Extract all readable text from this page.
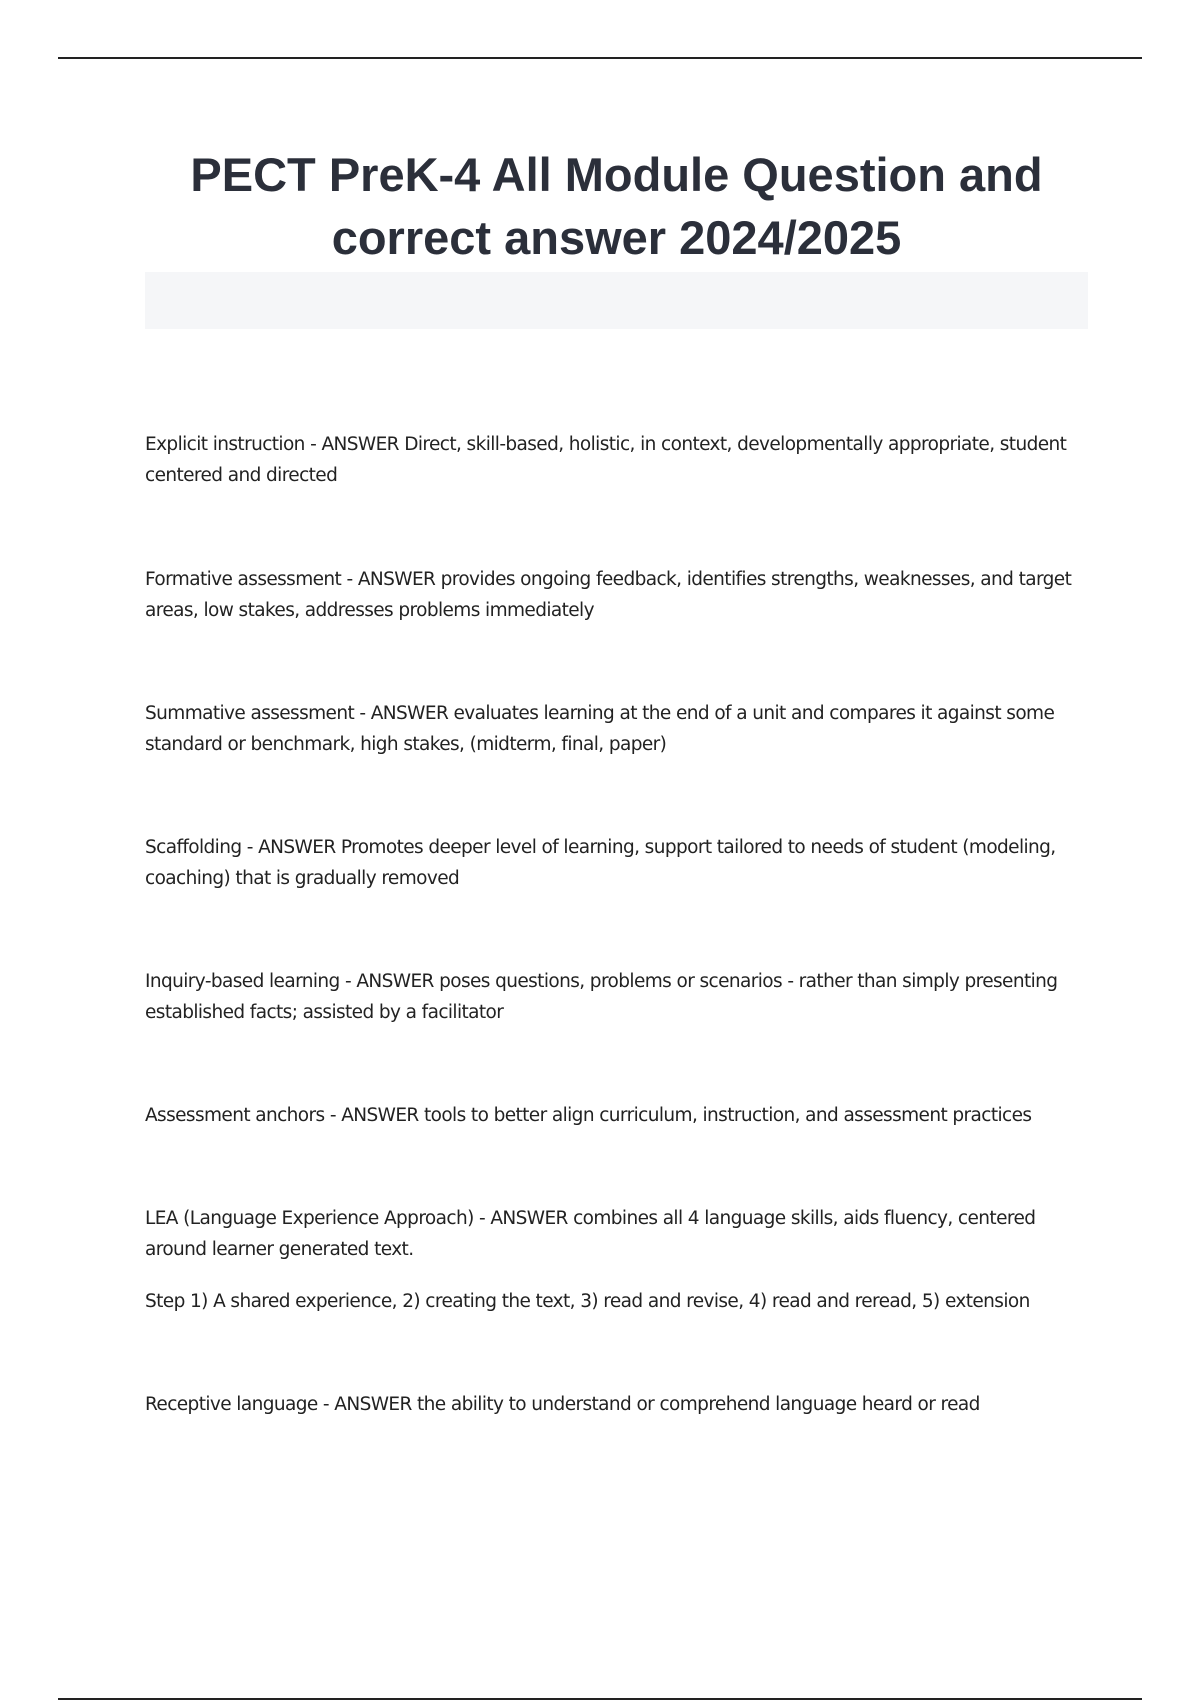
PECT PreK-4 All Module Question and correct answer 2024/2025

Explicit instruction - ANSWER Direct, skill-based, holistic, in context, developmentally appropriate, student centered and directed

Formative assessment - ANSWER provides ongoing feedback, identifies strengths, weaknesses, and target areas, low stakes, addresses problems immediately

Summative assessment - ANSWER evaluates learning at the end of a unit and compares it against some standard or benchmark, high stakes, (midterm, final, paper)

Scaffolding - ANSWER Promotes deeper level of learning, support tailored to needs of student (modeling, coaching) that is gradually removed

Inquiry-based learning - ANSWER poses questions, problems or scenarios - rather than simply presenting established facts; assisted by a facilitator

Assessment anchors - ANSWER tools to better align curriculum, instruction, and assessment practices

LEA (Language Experience Approach) - ANSWER combines all 4 language skills, aids fluency, centered around learner generated text.

Step 1) A shared experience, 2) creating the text, 3) read and revise, 4) read and reread, 5) extension

Receptive language - ANSWER the ability to understand or comprehend language heard or read
